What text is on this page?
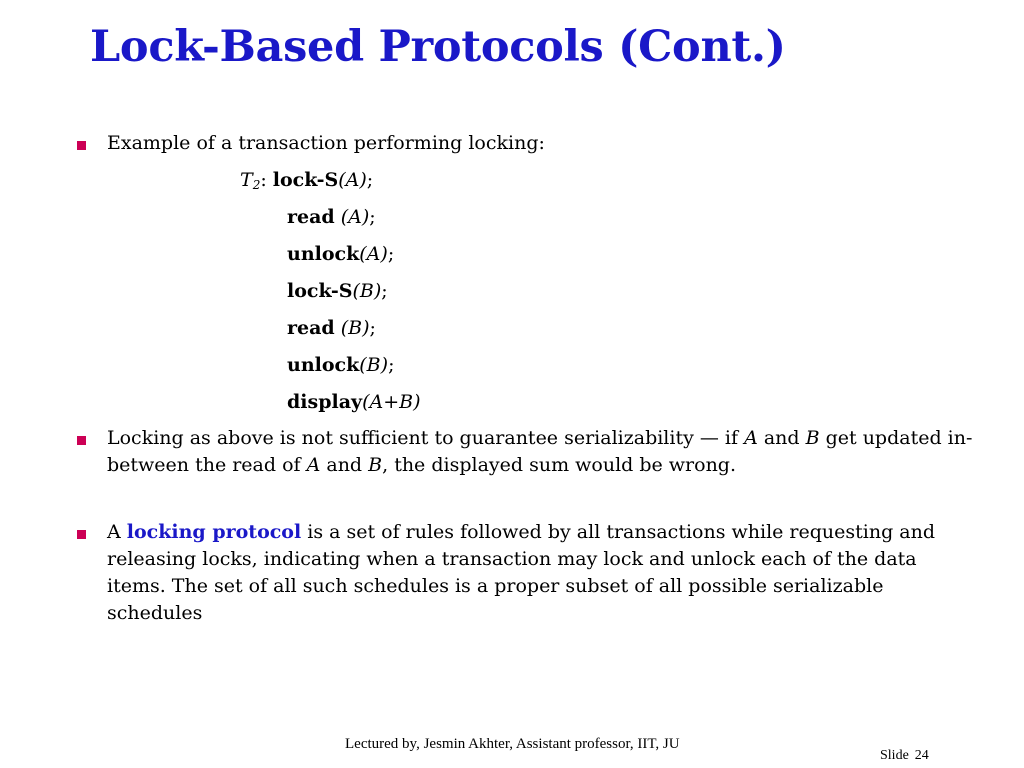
Lock-Based Protocols (Cont.)
Example of a transaction performing locking:
$T_2$: lock-S(A);
read (A);
unlock(A);
lock-S(B);
read (B);
unlock(B);
display(A+B)
Locking as above is not sufficient to guarantee serializability — if A and B get updated in-between the read of A and B, the displayed sum would be wrong.
A locking protocol is a set of rules followed by all transactions while requesting and releasing locks, indicating when a transaction may lock and unlock each of the data items. The set of all such schedules is a proper subset of all possible serializable schedules
Lectured by, Jesmin Akhter, Assistant professor, IIT, JU
Slide 24
